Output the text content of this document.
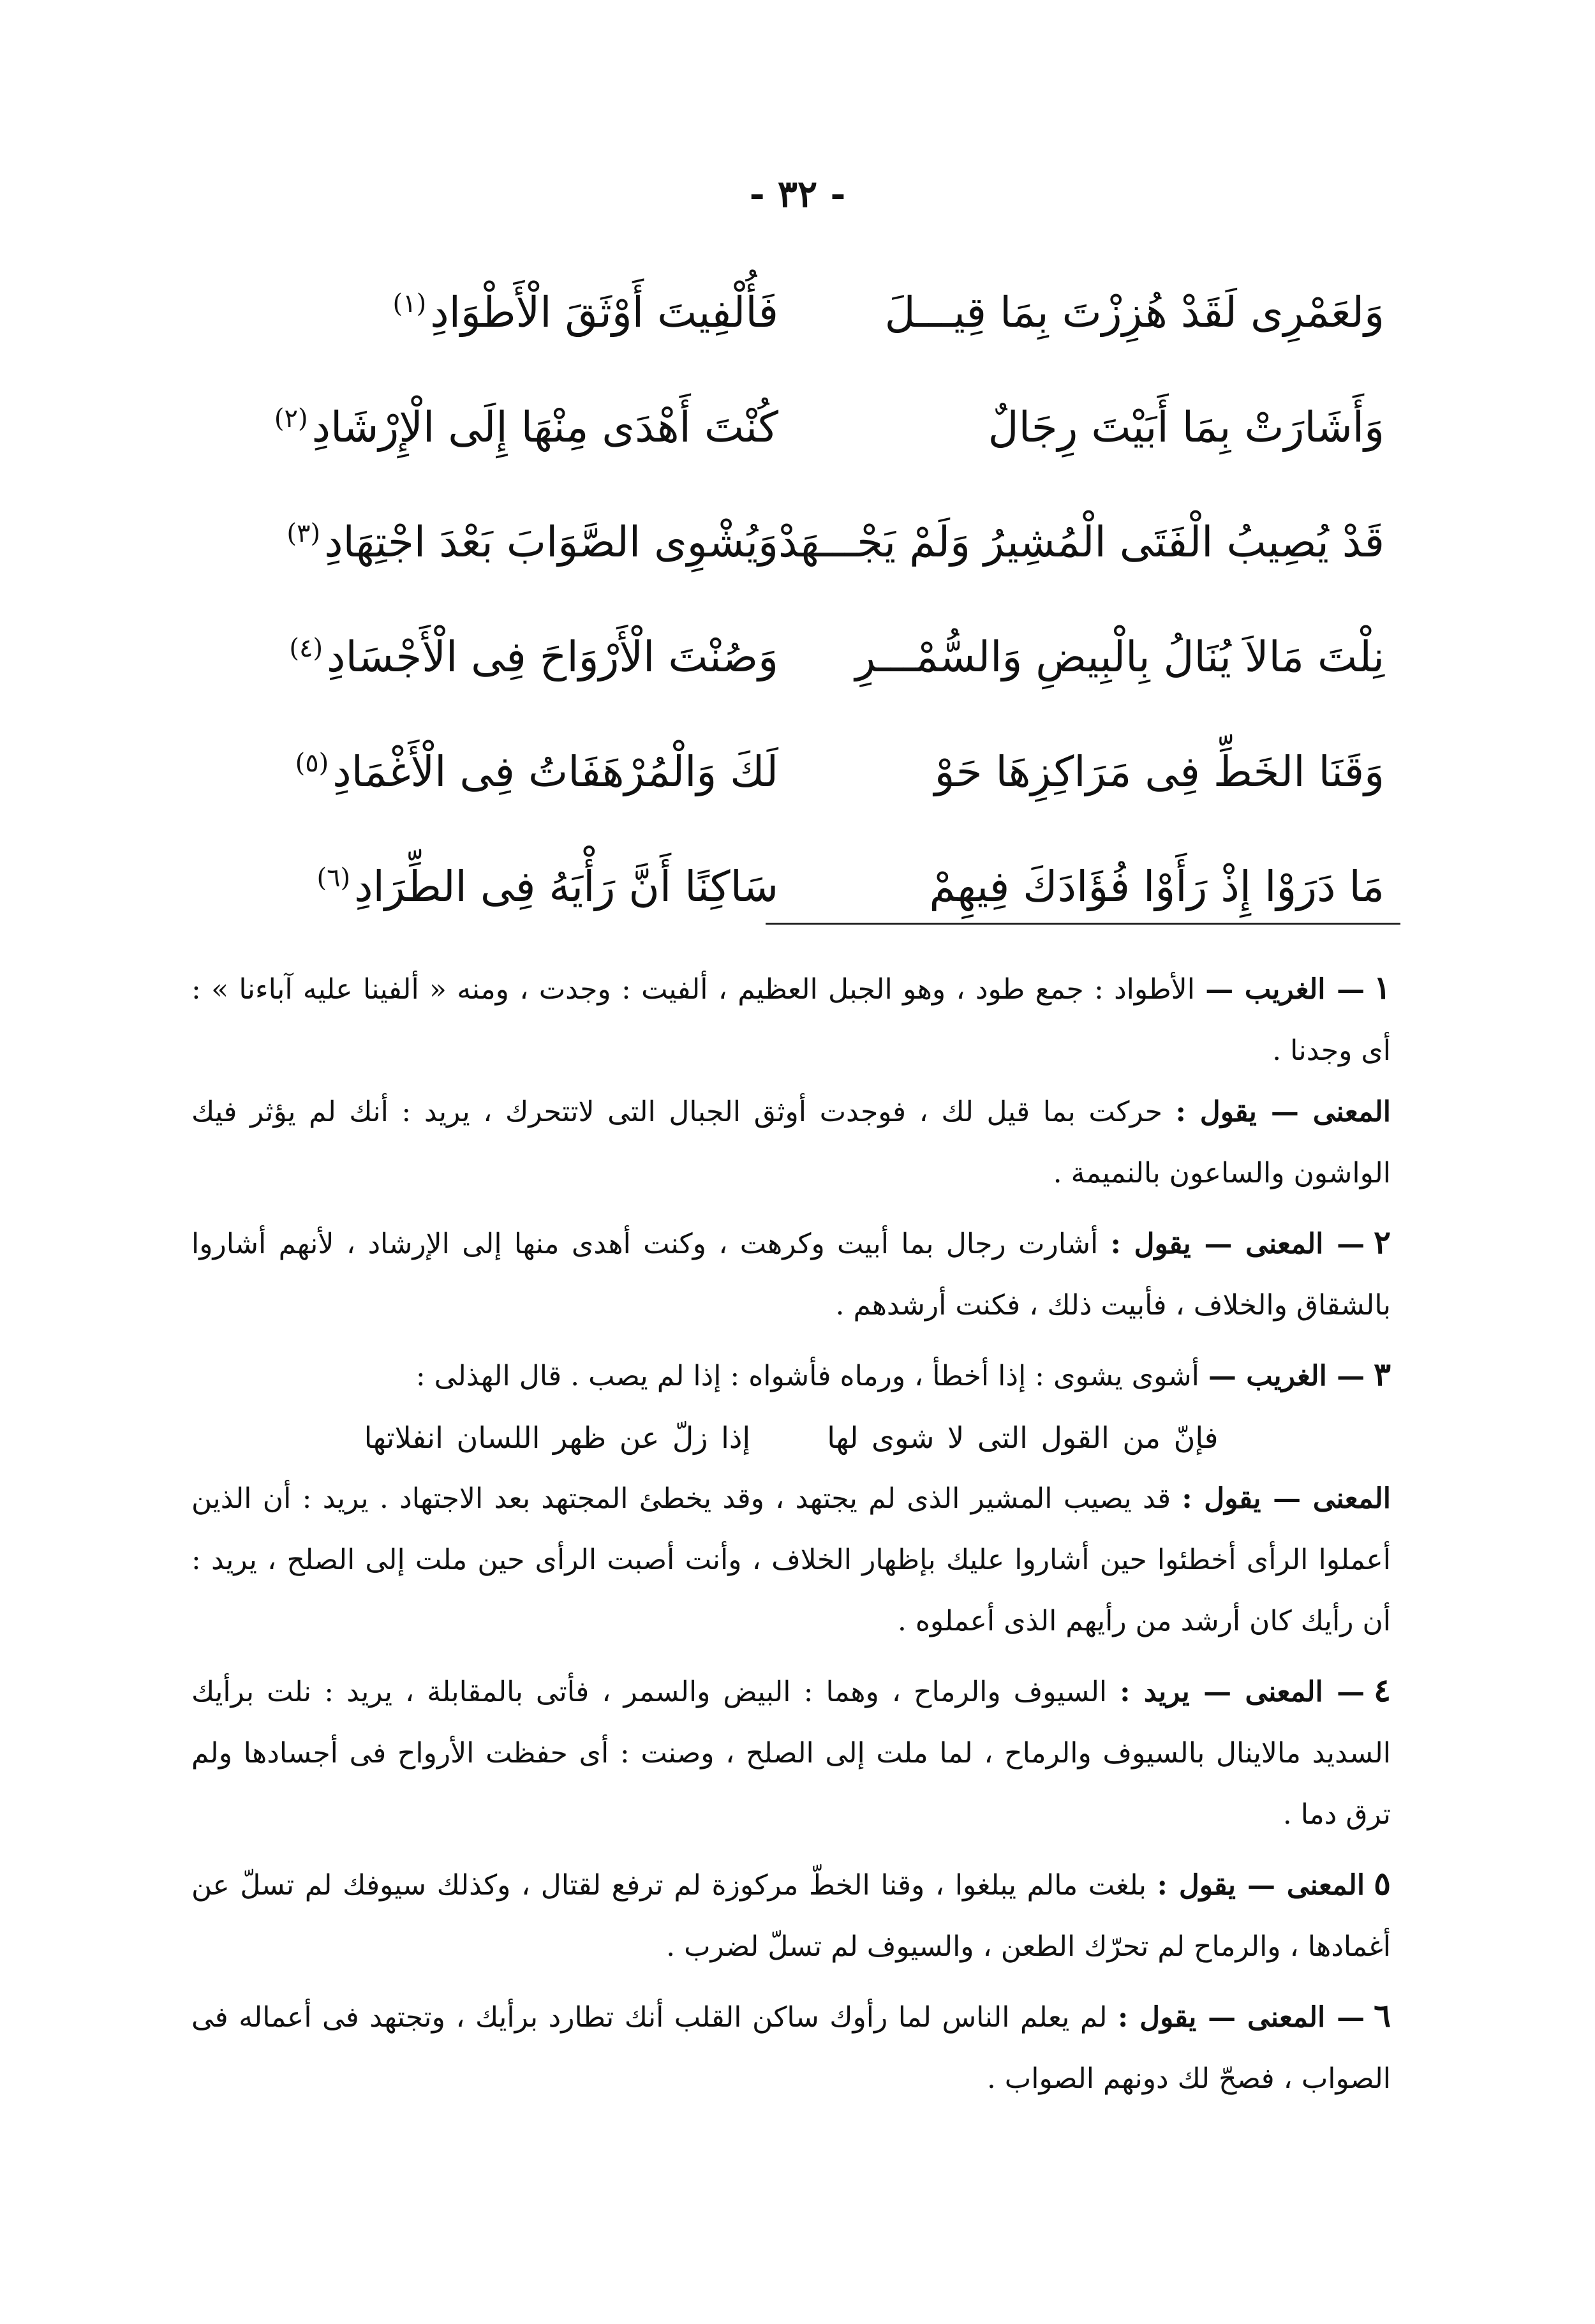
- ٣٢ -
وَلعَمْرِى لَقَدْ هُزِزْتَ بِمَا قِيـــلَ
فَأُلْفِيتَ أَوْثَقَ الْأَطْوَادِ$^{(١)}$
وَأَشَارَتْ بِمَا أَبَيْتَ رِجَالٌ
كُنْتَ أَهْدَى مِنْهَا إِلَى الْإِرْشَادِ$^{(٢)}$
قَدْ يُصِيبُ الْفَتَى الْمُشِيرُ وَلَمْ يَجْـــهَدْ
وَيُشْوِى الصَّوَابَ بَعْدَ اجْتِهَادِ$^{(٣)}$
نِلْتَ مَالاَ يُنَالُ بِالْبِيضِ وَالسُّمْـــرِ
وَصُنْتَ الْأَرْوَاحَ فِى الْأَجْسَادِ$^{(٤)}$
وَقَنَا الخَطِّ فِى مَرَاكِزِهَا حَوْ
لَكَ وَالْمُرْهَفَاتُ فِى الْأَغْمَادِ$^{(٥)}$
مَا دَرَوْا إِذْ رَأَوْا فُؤَادَكَ فِيهِمْ
سَاكِنًا أَنَّ رَأْيَهُ فِى الطِّرَادِ$^{(٦)}$

١— الغريب — الأطواد : جمع طود ، وهو الجبل العظيم ، ألفيت : وجدت ، ومنه « ألفينا عليه آباءنا » : أى وجدنا .

المعنى — يقول : حركت بما قيل لك ، فوجدت أوثق الجبال التى لاتتحرك ، يريد : أنك لم يؤثر فيك الواشون والساعون بالنميمة .

٢— المعنى — يقول : أشارت رجال بما أبيت وكرهت ، وكنت أهدى منها إلى الإرشاد ، لأنهم أشاروا بالشقاق والخلاف ، فأبيت ذلك ، فكنت أرشدهم .

٣— الغريب — أشوى يشوى : إذا أخطأ ، ورماه فأشواه : إذا لم يصب . قال الهذلى :

فإنّ من القول التى لا شوى لهاإذا زلّ عن ظهر اللسان انفلاتها

المعنى — يقول : قد يصيب المشير الذى لم يجتهد ، وقد يخطئ المجتهد بعد الاجتهاد . يريد : أن الذين أعملوا الرأى أخطئوا حين أشاروا عليك بإظهار الخلاف ، وأنت أصبت الرأى حين ملت إلى الصلح ، يريد : أن رأيك كان أرشد من رأيهم الذى أعملوه .

٤— المعنى — يريد : السيوف والرماح ، وهما : البيض والسمر ، فأتى بالمقابلة ، يريد : نلت برأيك السديد مالاينال بالسيوف والرماح ، لما ملت إلى الصلح ، وصنت : أى حفظت الأرواح فى أجسادها ولم ترق دما .

٥المعنى — يقول : بلغت مالم يبلغوا ، وقنا الخطّ مركوزة لم ترفع لقتال ، وكذلك سيوفك لم تسلّ عن أغمادها ، والرماح لم تحرّك الطعن ، والسيوف لم تسلّ لضرب .

٦— المعنى — يقول : لم يعلم الناس لما رأوك ساكن القلب أنك تطارد برأيك ، وتجتهد فى أعماله فى الصواب ، فصحّ لك دونهم الصواب .
